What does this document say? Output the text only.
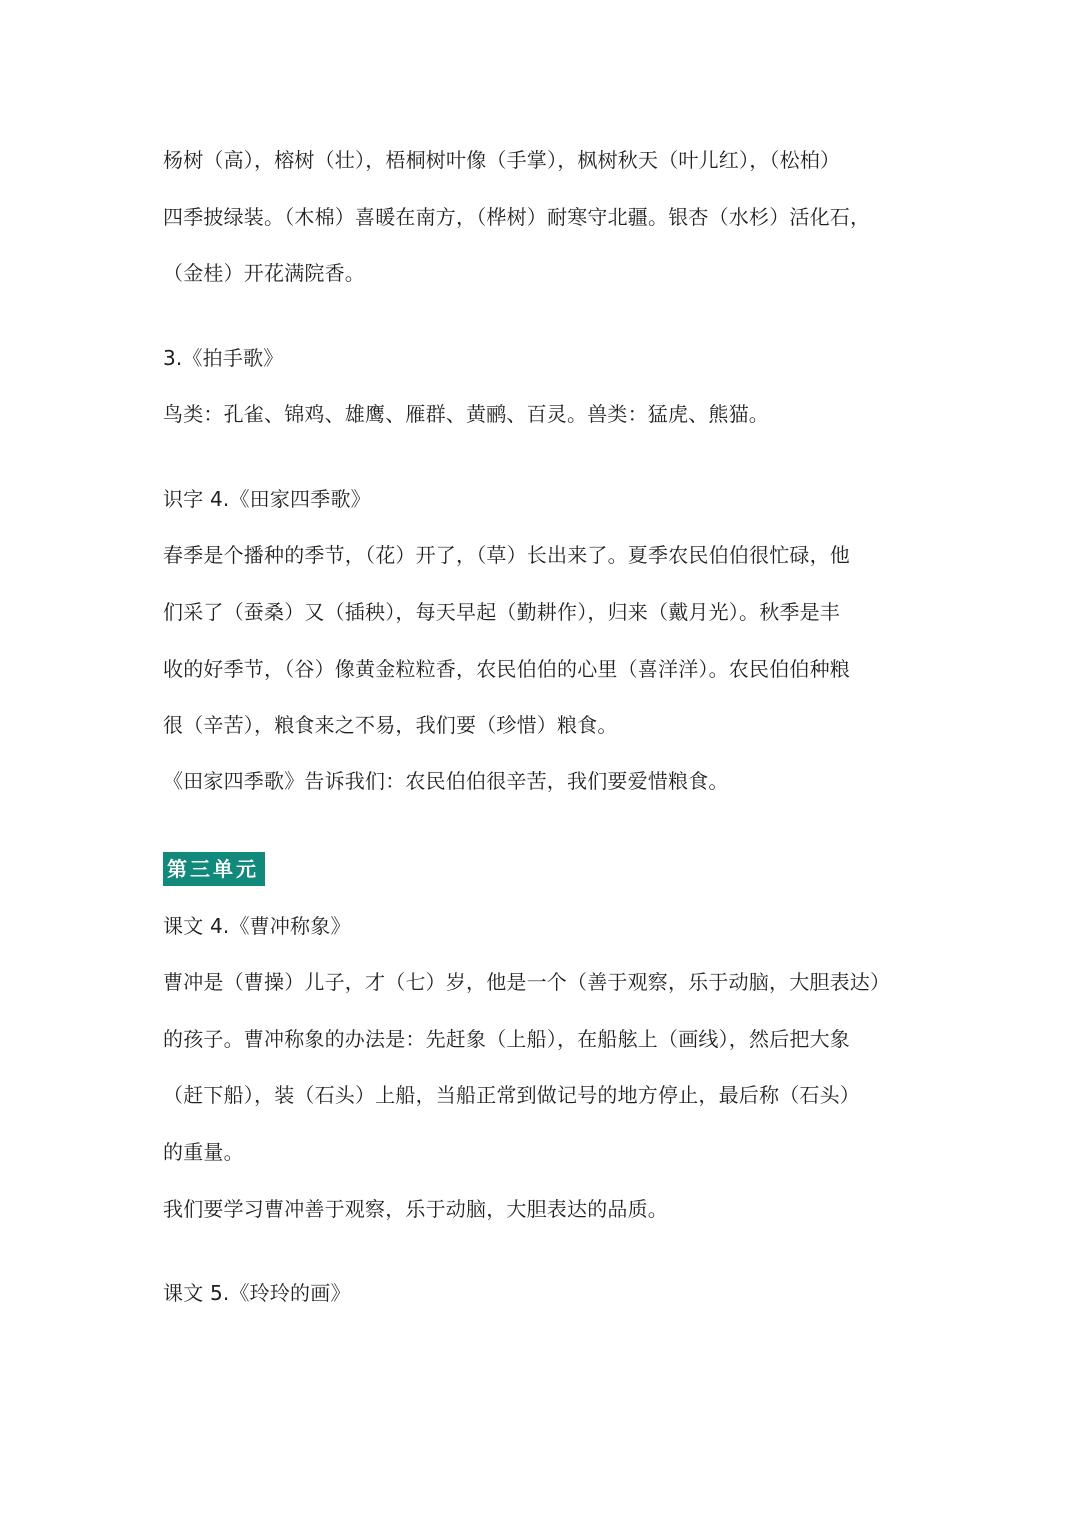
杨树（高），榕树（壮），梧桐树叶像（手掌），枫树秋天（叶儿红），（松柏）
四季披绿装。（木棉）喜暖在南方，（桦树）耐寒守北疆。银杏（水杉）活化石，
（金桂）开花满院香。
3.《拍手歌》
鸟类：孔雀、锦鸡、雄鹰、雁群、黄鹂、百灵。兽类：猛虎、熊猫。
识字 4.《田家四季歌》
春季是个播种的季节，（花）开了，（草）长出来了。夏季农民伯伯很忙碌，他
们采了（蚕桑）又（插秧），每天早起（勤耕作），归来（戴月光）。秋季是丰
收的好季节，（谷）像黄金粒粒香，农民伯伯的心里（喜洋洋）。农民伯伯种粮
很（辛苦），粮食来之不易，我们要（珍惜）粮食。
《田家四季歌》告诉我们：农民伯伯很辛苦，我们要爱惜粮食。
第三单元
课文 4.《曹冲称象》
曹冲是（曹操）儿子，才（七）岁，他是一个（善于观察，乐于动脑，大胆表达）
的孩子。曹冲称象的办法是：先赶象（上船），在船舷上（画线），然后把大象
（赶下船），装（石头）上船，当船正常到做记号的地方停止，最后称（石头）
的重量。
我们要学习曹冲善于观察，乐于动脑，大胆表达的品质。
课文 5.《玲玲的画》
